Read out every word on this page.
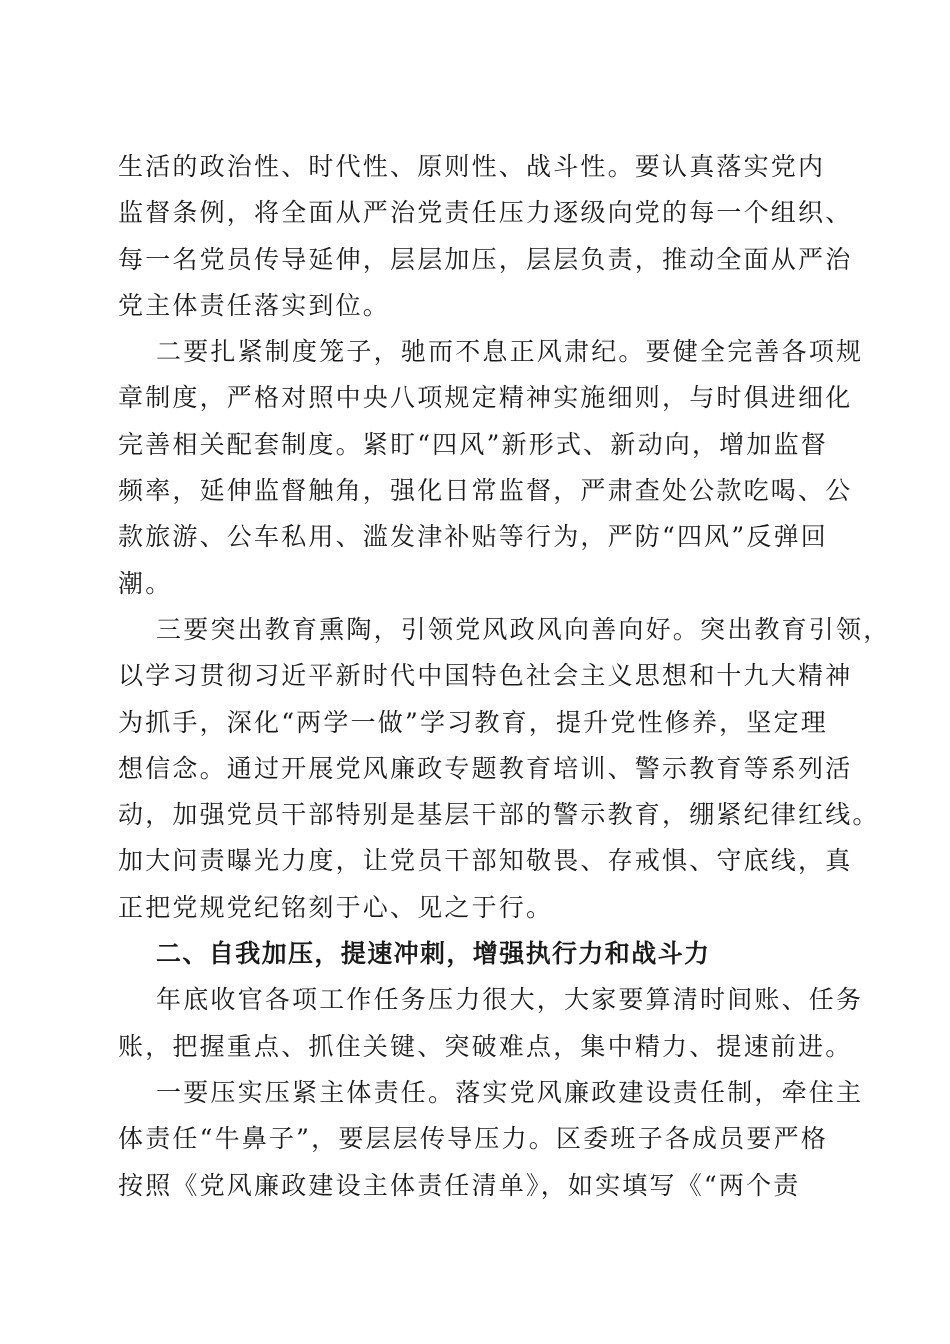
生活的政治性、时代性、原则性、战斗性。要认真落实党内
监督条例，将全面从严治党责任压力逐级向党的每一个组织、
每一名党员传导延伸，层层加压，层层负责，推动全面从严治
党主体责任落实到位。
二要扎紧制度笼子，驰而不息正风肃纪。要健全完善各项规
章制度，严格对照中央八项规定精神实施细则，与时俱进细化
完善相关配套制度。紧盯“四风”新形式、新动向，增加监督
频率，延伸监督触角，强化日常监督，严肃查处公款吃喝、公
款旅游、公车私用、滥发津补贴等行为，严防“四风”反弹回
潮。
三要突出教育熏陶，引领党风政风向善向好。突出教育引领，
以学习贯彻习近平新时代中国特色社会主义思想和十九大精神
为抓手，深化“两学一做”学习教育，提升党性修养，坚定理
想信念。通过开展党风廉政专题教育培训、警示教育等系列活
动，加强党员干部特别是基层干部的警示教育，绷紧纪律红线。
加大问责曝光力度，让党员干部知敬畏、存戒惧、守底线，真
正把党规党纪铭刻于心、见之于行。
二、自我加压，提速冲刺，增强执行力和战斗力
年底收官各项工作任务压力很大，大家要算清时间账、任务
账，把握重点、抓住关键、突破难点，集中精力、提速前进。
一要压实压紧主体责任。落实党风廉政建设责任制，牵住主
体责任“牛鼻子”，要层层传导压力。区委班子各成员要严格
按照《党风廉政建设主体责任清单》，如实填写《“两个责
